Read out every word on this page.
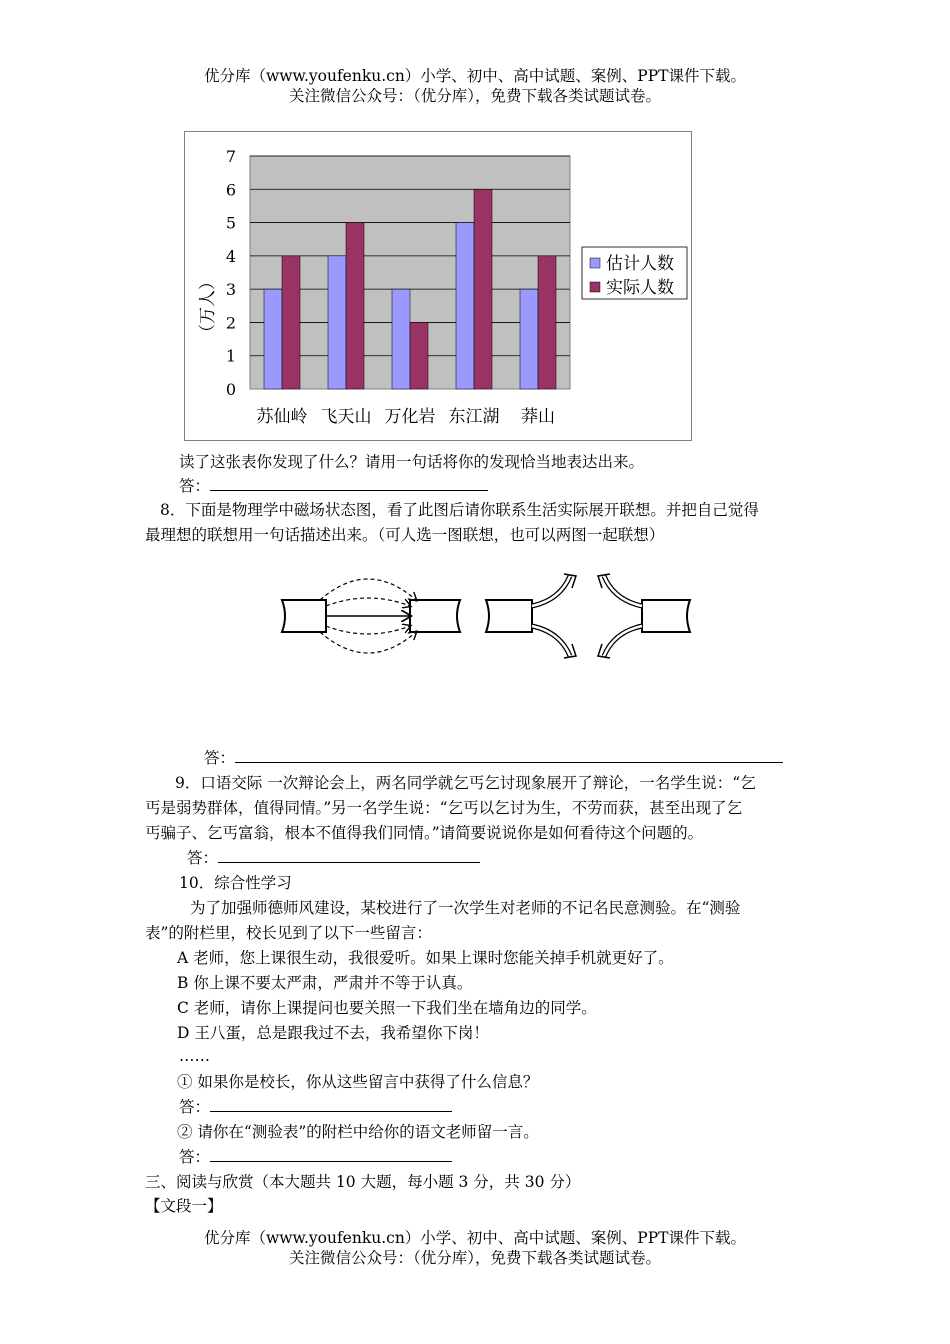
优分库（www.youfenku.cn）小学、初中、高中试题、案例、PPT课件下载。
关注微信公众号：（优分库），免费下载各类试题试卷。
0
1
2
3
4
5
6
7
苏仙岭 飞天山 万化岩 东江湖 莽山
估计人数
实际人数
（万人）
读了这张表你发现了什么？请用一句话将你的发现恰当地表达出来。
答：
8．下面是物理学中磁场状态图，看了此图后请你联系生活实际展开联想。并把自己觉得
最理想的联想用一句话描述出来。（可人选一图联想，也可以两图一起联想）
答：
9．口语交际 一次辩论会上，两名同学就乞丐乞讨现象展开了辩论，一名学生说：“乞
丐是弱势群体，值得同情。”另一名学生说：“乞丐以乞讨为生，不劳而获，甚至出现了乞
丐骗子、乞丐富翁，根本不值得我们同情。”请简要说说你是如何看待这个问题的。
答：
10．综合性学习
为了加强师德师风建设，某校进行了一次学生对老师的不记名民意测验。在“测验
表”的附栏里，校长见到了以下一些留言：
A 老师，您上课很生动，我很爱听。如果上课时您能关掉手机就更好了。
B 你上课不要太严肃，严肃并不等于认真。
C 老师，请你上课提问也要关照一下我们坐在墙角边的同学。
D 王八蛋，总是跟我过不去，我希望你下岗！
……
① 如果你是校长，你从这些留言中获得了什么信息？
答：
② 请你在“测验表”的附栏中给你的语文老师留一言。
答：
三、阅读与欣赏（本大题共 10 大题，每小题 3 分，共 30 分）
【文段一】
优分库（www.youfenku.cn）小学、初中、高中试题、案例、PPT课件下载。
关注微信公众号：（优分库），免费下载各类试题试卷。
